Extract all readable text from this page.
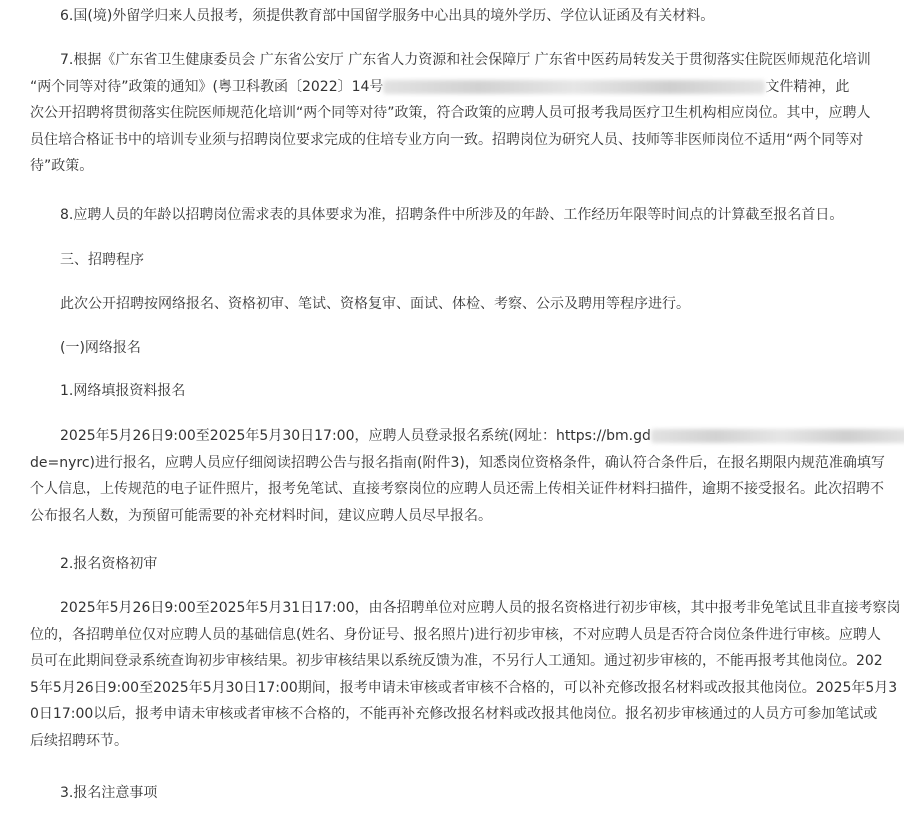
6.国(境)外留学归来人员报考，须提供教育部中国留学服务中心出具的境外学历、学位认证函及有关材料。

7.根据《广东省卫生健康委员会 广东省公安厅 广东省人力资源和社会保障厅 广东省中医药局转发关于贯彻落实住院医师规范化培训
“两个同等对待”政策的通知》(粤卫科教函〔2022〕14号	文件精神，此
次公开招聘将贯彻落实住院医师规范化培训“两个同等对待”政策，符合政策的应聘人员可报考我局医疗卫生机构相应岗位。其中，应聘人
员住培合格证书中的培训专业须与招聘岗位要求完成的住培专业方向一致。招聘岗位为研究人员、技师等非医师岗位不适用“两个同等对
待”政策。

8.应聘人员的年龄以招聘岗位需求表的具体要求为准，招聘条件中所涉及的年龄、工作经历年限等时间点的计算截至报名首日。

三、招聘程序

此次公开招聘按网络报名、资格初审、笔试、资格复审、面试、体检、考察、公示及聘用等程序进行。

(一)网络报名

1.网络填报资料报名

2025年5月26日9:00至2025年5月30日17:00，应聘人员登录报名系统(网址：https://bm.gd
de=nyrc)进行报名，应聘人员应仔细阅读招聘公告与报名指南(附件3)，知悉岗位资格条件，确认符合条件后，在报名期限内规范准确填写
个人信息，上传规范的电子证件照片，报考免笔试、直接考察岗位的应聘人员还需上传相关证件材料扫描件，逾期不接受报名。此次招聘不
公布报名人数，为预留可能需要的补充材料时间，建议应聘人员尽早报名。

2.报名资格初审

2025年5月26日9:00至2025年5月31日17:00，由各招聘单位对应聘人员的报名资格进行初步审核，其中报考非免笔试且非直接考察岗
位的，各招聘单位仅对应聘人员的基础信息(姓名、身份证号、报名照片)进行初步审核，不对应聘人员是否符合岗位条件进行审核。应聘人
员可在此期间登录系统查询初步审核结果。初步审核结果以系统反馈为准，不另行人工通知。通过初步审核的，不能再报考其他岗位。202
5年5月26日9:00至2025年5月30日17:00期间，报考申请未审核或者审核不合格的，可以补充修改报名材料或改报其他岗位。2025年5月3
0日17:00以后，报考申请未审核或者审核不合格的，不能再补充修改报名材料或改报其他岗位。报名初步审核通过的人员方可参加笔试或
后续招聘环节。

3.报名注意事项
